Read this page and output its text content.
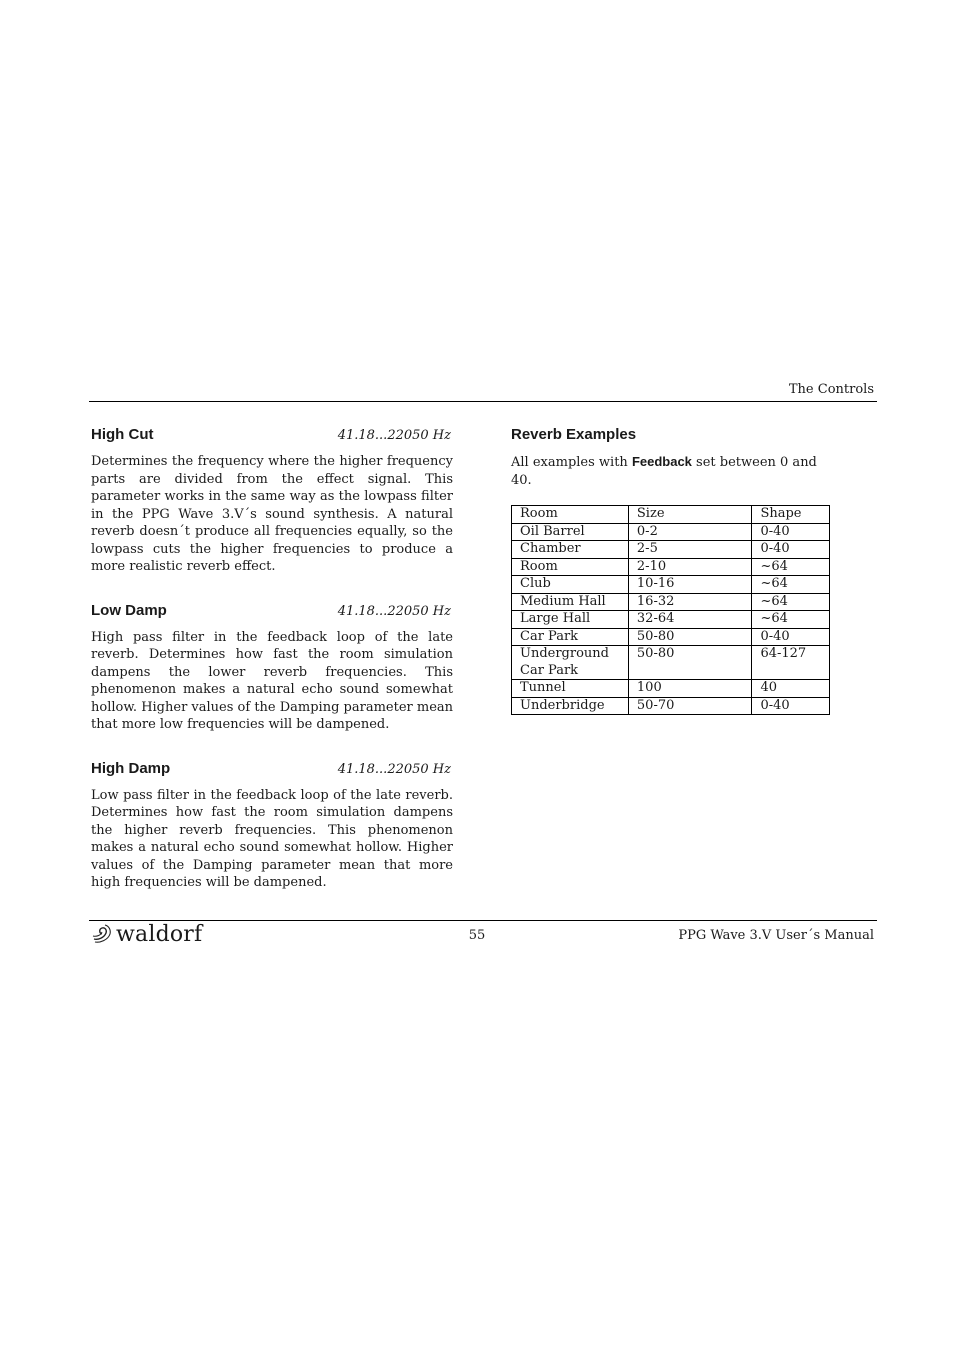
The Controls
High Cut	41.18...22050 Hz

Determines the frequency where the higher frequency parts are divided from the effect signal. This parameter works in the same way as the lowpass filter in the PPG Wave 3.V´s sound synthesis. A natural reverb doesn´t produce all frequencies equally, so the lowpass cuts the higher frequencies to produce a more realistic reverb effect.

Low Damp	41.18...22050 Hz

High pass filter in the feedback loop of the late reverb. Determines how fast the room simulation dampens the lower reverb frequencies. This phenomenon makes a natural echo sound somewhat hollow. Higher values of the Damping parameter mean that more low frequencies will be dampened.

High Damp	41.18...22050 Hz

Low pass filter in the feedback loop of the late reverb. Determines how fast the room simulation dampens the higher reverb frequencies. This phenomenon makes a natural echo sound somewhat hollow. Higher values of the Damping parameter mean that more high frequencies will be dampened.

Reverb Examples

All examples with Feedback set between 0 and 40.

Room	Size	Shape
Oil Barrel	0-2	0-40
Chamber	2-5	0-40
Room	2-10	~64
Club	10-16	~64
Medium Hall	16-32	~64
Large Hall	32-64	~64
Car Park	50-80	0-40
Underground Car Park	50-80	64-127
Tunnel	100	40
Underbridge	50-70	0-40
waldorf	55	PPG Wave 3.V User´s Manual
